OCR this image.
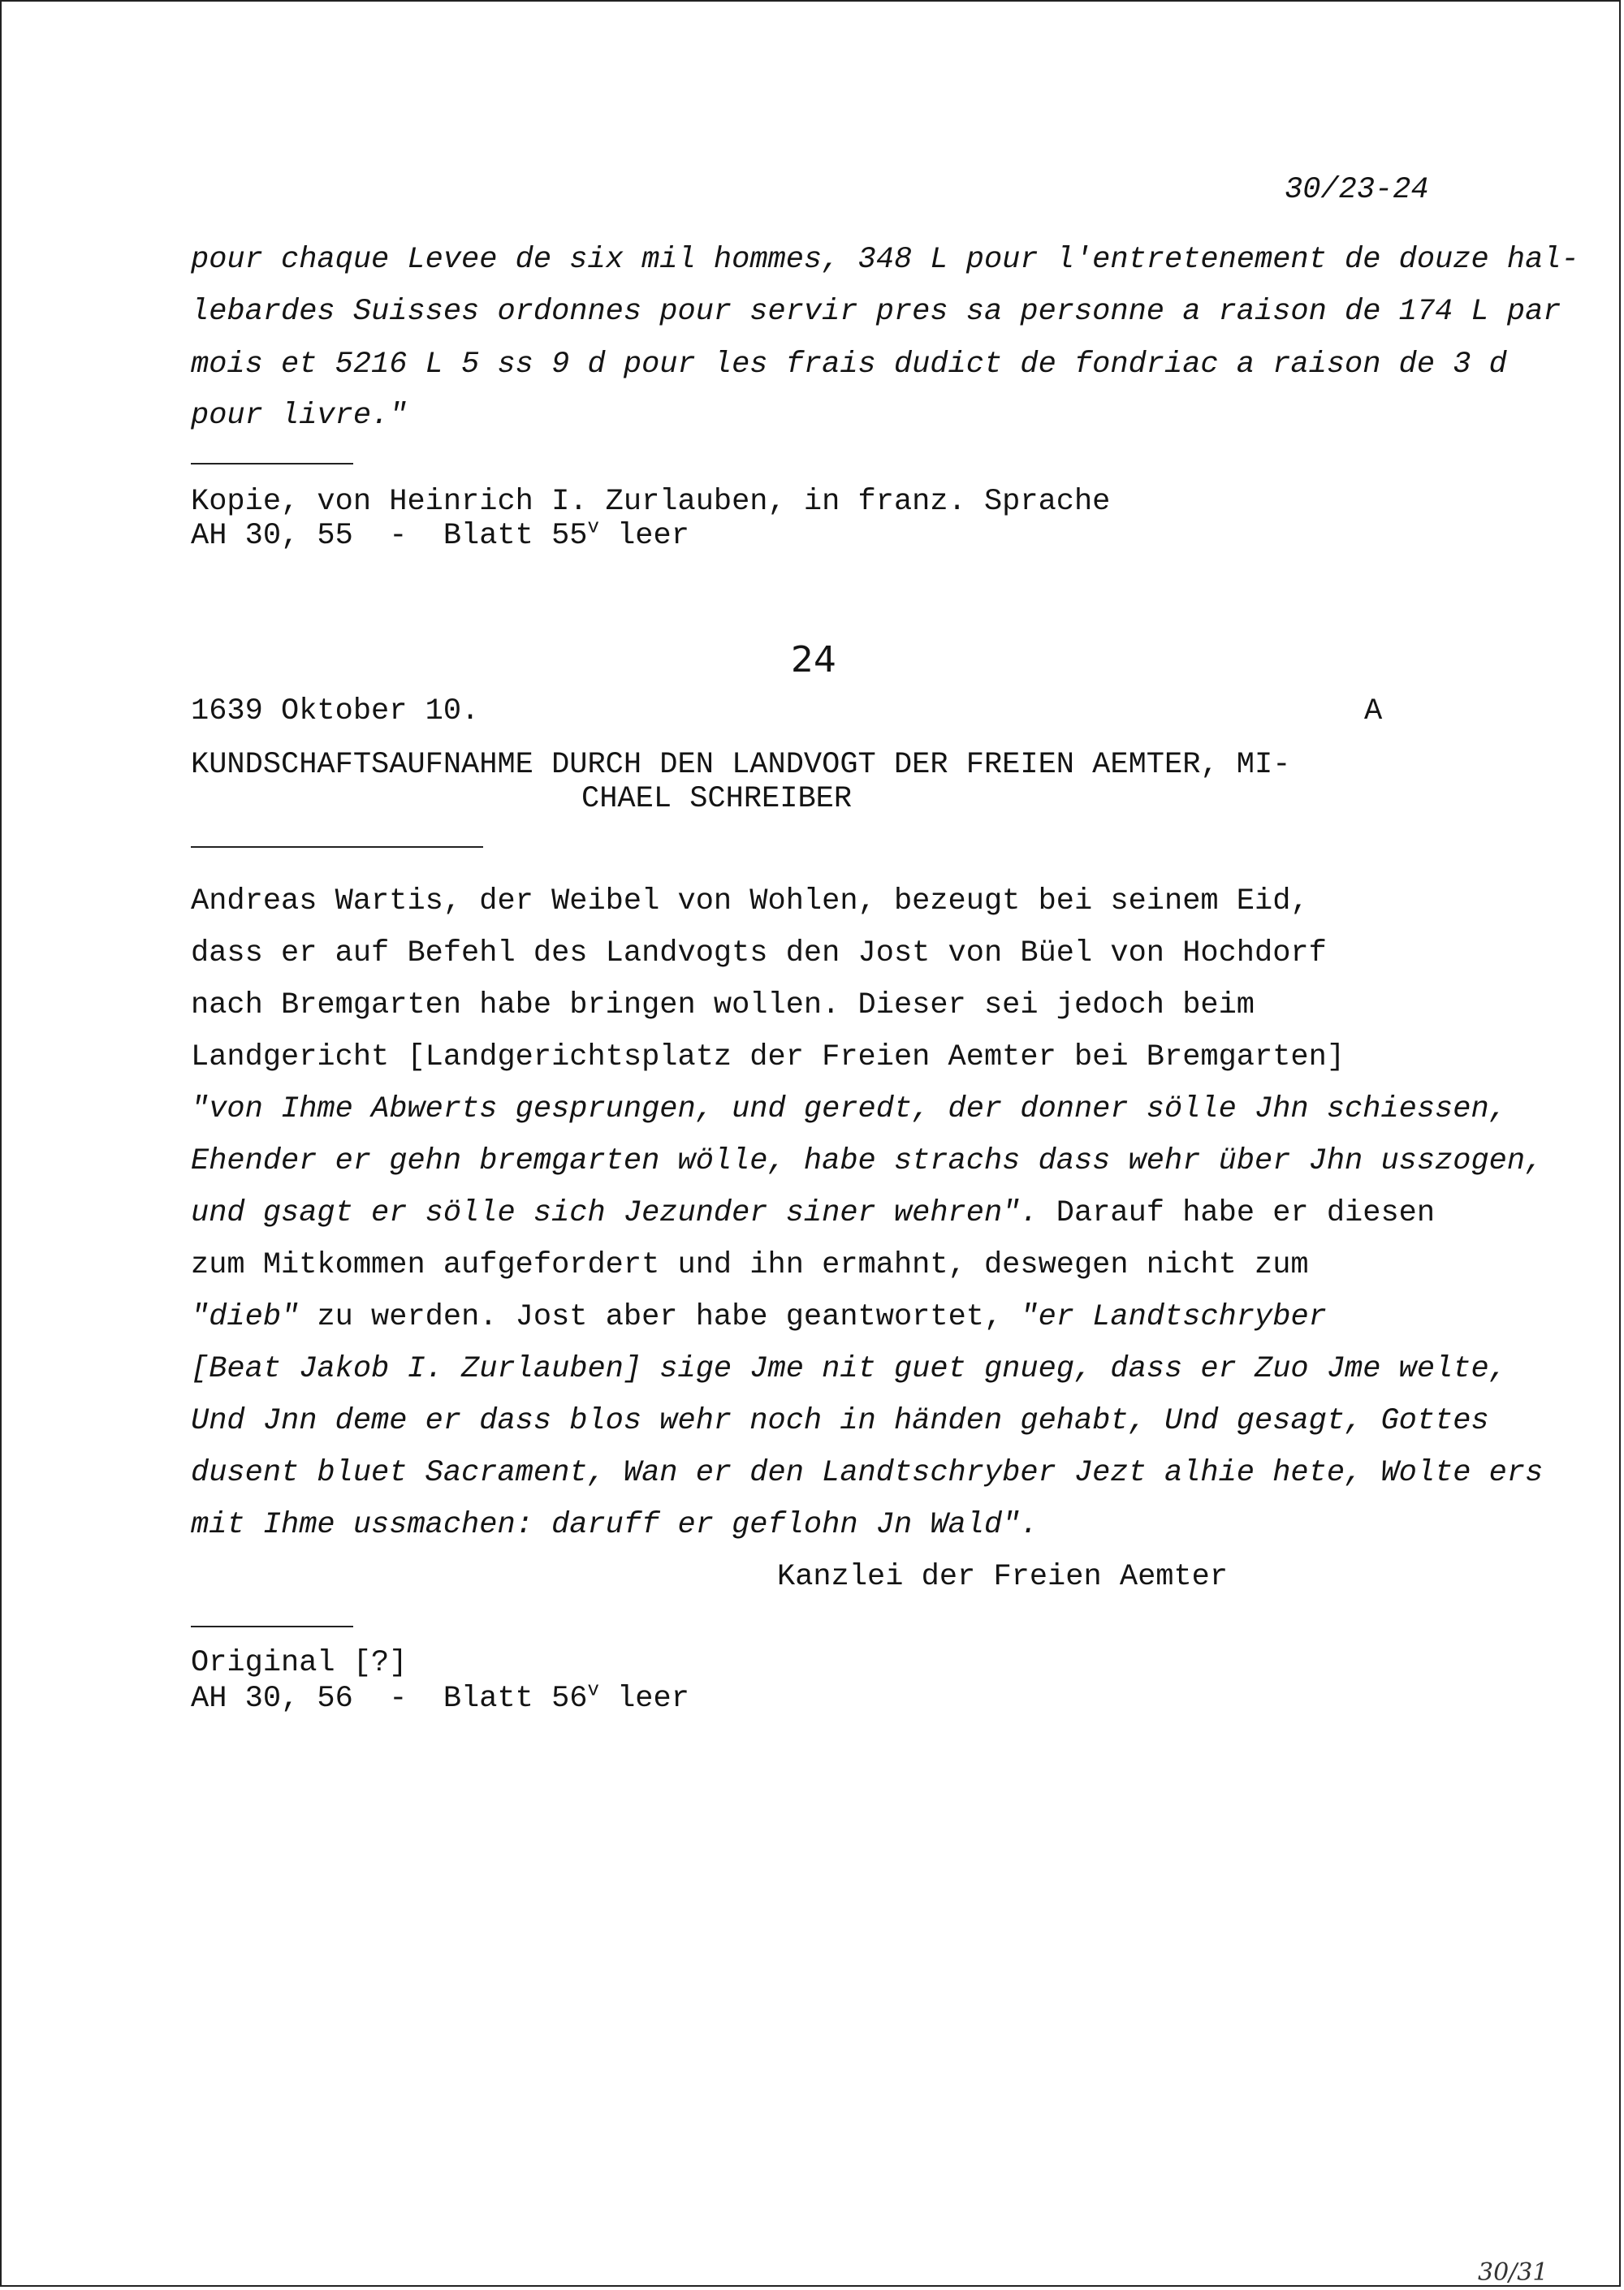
30/23-24
pour chaque Levee de six mil hommes, 348 L pour l'entretenement de douze hal-
lebardes Suisses ordonnes pour servir pres sa personne a raison de 174 L par
mois et 5216 L 5 ss 9 d pour les frais dudict de fondriac a raison de 3 d
pour livre."
Kopie, von Heinrich I. Zurlauben, in franz. Sprache
AH 30, 55  -  Blatt 55$^v$ leer
24
1639 Oktober 10.	A
KUNDSCHAFTSAUFNAHME DURCH DEN LANDVOGT DER FREIEN AEMTER, MI-
CHAEL SCHREIBER
Andreas Wartis, der Weibel von Wohlen, bezeugt bei seinem Eid,
dass er auf Befehl des Landvogts den Jost von Büel von Hochdorf
nach Bremgarten habe bringen wollen. Dieser sei jedoch beim
Landgericht [Landgerichtsplatz der Freien Aemter bei Bremgarten]
"von Ihme Abwerts gesprungen, und geredt, der donner sölle Jhn schiessen,
Ehender er gehn bremgarten wölle, habe strachs dass wehr über Jhn usszogen,
und gsagt er sölle sich Jezunder siner wehren". Darauf habe er diesen
zum Mitkommen aufgefordert und ihn ermahnt, deswegen nicht zum
"dieb" zu werden. Jost aber habe geantwortet, "er Landtschryber
[Beat Jakob I. Zurlauben] sige Jme nit guet gnueg, dass er Zuo Jme welte,
Und Jnn deme er dass blos wehr noch in händen gehabt, Und gesagt, Gottes
dusent bluet Sacrament, Wan er den Landtschryber Jezt alhie hete, Wolte ers
mit Ihme ussmachen: daruff er geflohn Jn Wald".
Kanzlei der Freien Aemter
Original [?]
AH 30, 56  -  Blatt 56$^v$ leer
30/31
